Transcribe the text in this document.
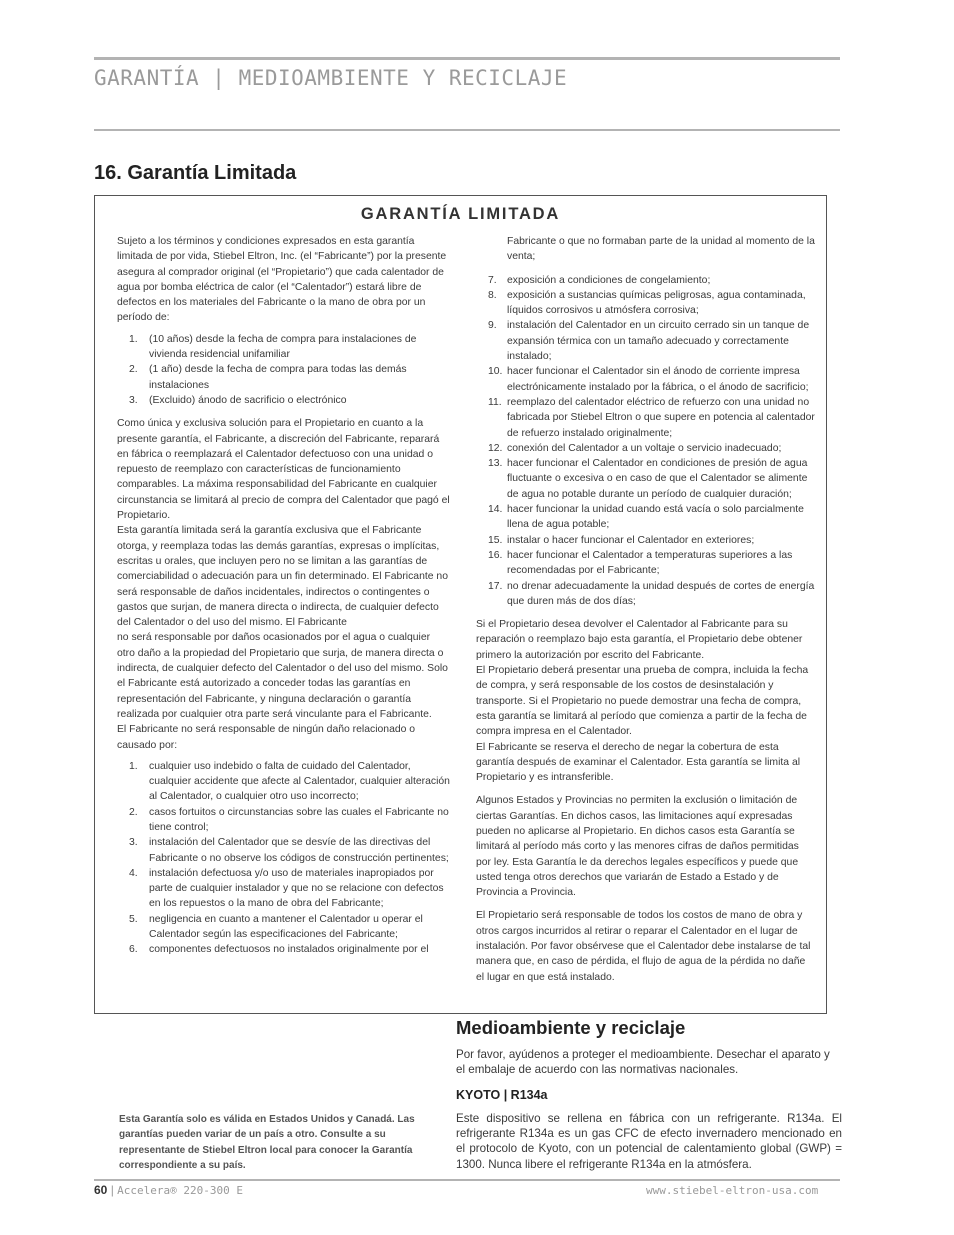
GARANTÍA | MEDIOAMBIENTE Y RECICLAJE
16. Garantía Limitada
GARANTÍA LIMITADA

Sujeto a los términos y condiciones expresados en esta garantía limitada de por vida, Stiebel Eltron, Inc. (el “Fabricante”) por la presente asegura al comprador original (el “Propietario”) que cada calentador de agua por bomba eléctrica de calor (el “Calentador”) estará libre de defectos en los materiales del Fabricante o la mano de obra por un período de:

1. (10 años) desde la fecha de compra para instalaciones de vivienda residencial unifamiliar
2. (1 año) desde la fecha de compra para todas las demás instalaciones
3. (Excluido) ánodo de sacrificio o electrónico

Como única y exclusiva solución para el Propietario en cuanto a la presente garantía, el Fabricante, a discreción del Fabricante, reparará en fábrica o reemplazará el Calentador defectuoso con una unidad o repuesto de reemplazo con características de funcionamiento comparables. La máxima responsabilidad del Fabricante en cualquier circunstancia se limitará al precio de compra del Calentador que pagó el Propietario.

Esta garantía limitada será la garantía exclusiva que el Fabricante otorga, y reemplaza todas las demás garantías, expresas o implícitas, escritas u orales, que incluyen pero no se limitan a las garantías de comerciabilidad o adecuación para un fin determinado. El Fabricante no será responsable de daños incidentales, indirectos o contingentes o gastos que surjan, de manera directa o indirecta, de cualquier defecto del Calentador o del uso del mismo. El Fabricante

no será responsable por daños ocasionados por el agua o cualquier otro daño a la propiedad del Propietario que surja, de manera directa o indirecta, de cualquier defecto del Calentador o del uso del mismo. Solo el Fabricante está autorizado a conceder todas las garantías en representación del Fabricante, y ninguna declaración o garantía realizada por cualquier otra parte será vinculante para el Fabricante.

El Fabricante no será responsable de ningún daño relacionado o causado por:

1. cualquier uso indebido o falta de cuidado del Calentador, cualquier accidente que afecte al Calentador, cualquier alteración al Calentador, o cualquier otro uso incorrecto;
2. casos fortuitos o circunstancias sobre las cuales el Fabricante no tiene control;
3. instalación del Calentador que se desvíe de las directivas del Fabricante o no observe los códigos de construcción pertinentes;
4. instalación defectuosa y/o uso de materiales inapropiados por parte de cualquier instalador y que no se relacione con defectos en los repuestos o la mano de obra del Fabricante;
5. negligencia en cuanto a mantener el Calentador u operar el Calentador según las especificaciones del Fabricante;
6. componentes defectuosos no instalados originalmente por el
Fabricante o que no formaban parte de la unidad al momento de la venta;
7. exposición a condiciones de congelamiento;
8. exposición a sustancias químicas peligrosas, agua contaminada, líquidos corrosivos u atmósfera corrosiva;
9. instalación del Calentador en un circuito cerrado sin un tanque de expansión térmica con un tamaño adecuado y correctamente instalado;
10. hacer funcionar el Calentador sin el ánodo de corriente impresa electrónicamente instalado por la fábrica, o el ánodo de sacrificio;
11. reemplazo del calentador eléctrico de refuerzo con una unidad no fabricada por Stiebel Eltron o que supere en potencia al calentador de refuerzo instalado originalmente;
12. conexión del Calentador a un voltaje o servicio inadecuado;
13. hacer funcionar el Calentador en condiciones de presión de agua fluctuante o excesiva o en caso de que el Calentador se alimente de agua no potable durante un período de cualquier duración;
14. hacer funcionar la unidad cuando está vacía o solo parcialmente llena de agua potable;
15. instalar o hacer funcionar el Calentador en exteriores;
16. hacer funcionar el Calentador a temperaturas superiores a las recomendadas por el Fabricante;
17. no drenar adecuadamente la unidad después de cortes de energía que duren más de dos días;

Si el Propietario desea devolver el Calentador al Fabricante para su reparación o reemplazo bajo esta garantía, el Propietario debe obtener primero la autorización por escrito del Fabricante.

El Propietario deberá presentar una prueba de compra, incluida la fecha de compra, y será responsable de los costos de desinstalación y transporte. Si el Propietario no puede demostrar una fecha de compra, esta garantía se limitará al período que comienza a partir de la fecha de compra impresa en el Calentador.

El Fabricante se reserva el derecho de negar la cobertura de esta garantía después de examinar el Calentador. Esta garantía se limita al Propietario y es intransferible.

Algunos Estados y Provincias no permiten la exclusión o limitación de ciertas Garantías. En dichos casos, las limitaciones aquí expresadas pueden no aplicarse al Propietario. En dichos casos esta Garantía se limitará al período más corto y las menores cifras de daños permitidas por ley. Esta Garantía le da derechos legales específicos y puede que usted tenga otros derechos que variarán de Estado a Estado y de Provincia a Provincia.

El Propietario será responsable de todos los costos de mano de obra y otros cargos incurridos al retirar o reparar el Calentador en el lugar de instalación. Por favor obsérvese que el Calentador debe instalarse de tal manera que, en caso de pérdida, el flujo de agua de la pérdida no dañe el lugar en que está instalado.

Esta Garantía solo es válida en Estados Unidos y Canadá. Las garantías pueden variar de un país a otro. Consulte a su representante de Stiebel Eltron local para conocer la Garantía correspondiente a su país.
Medioambiente y reciclaje
Por favor, ayúdenos a proteger el medioambiente. Desechar el aparato y el embalaje de acuerdo con las normativas nacionales.
KYOTO | R134a
Este dispositivo se rellena en fábrica con un refrigerante. R134a. El refrigerante R134a es un gas CFC de efecto invernadero mencionado en el protocolo de Kyoto, con un potencial de calentamiento global (GWP) = 1300. Nunca libere el refrigerante R134a en la atmósfera.
60 | Accelera® 220-300 E	www.stiebel-eltron-usa.com
